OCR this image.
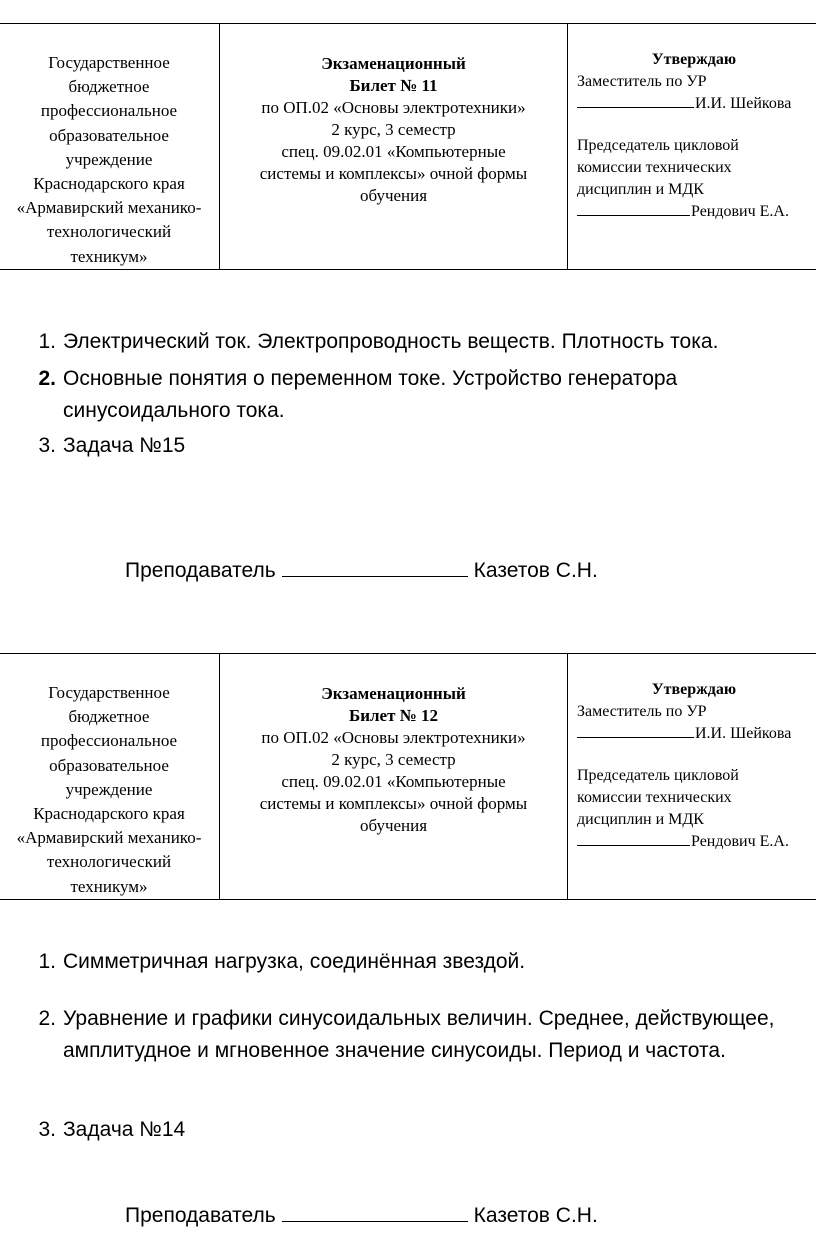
Государственное
бюджетное
профессиональное
образовательное
учреждение
Краснодарского края
«Армавирский механико-
технологический
техникум»

Экзаменационный
Билет № 11
по ОП.02 «Основы электротехники»
2 курс, 3 семестр
спец. 09.02.01 «Компьютерные системы и комплексы» очной формы
обучения

Утверждаю
Заместитель по УР
И.И. Шейкова
Председатель цикловой
комиссии технических
дисциплин и МДК
Рендович Е.А.
1. Электрический ток. Электропроводность веществ. Плотность тока.
2. Основные понятия о переменном токе. Устройство генератора синусоидального тока.
3. Задача №15
Преподаватель	Казетов С.Н.
Государственное
бюджетное
профессиональное
образовательное
учреждение
Краснодарского края
«Армавирский механико-
технологический
техникум»

Экзаменационный
Билет № 12
по ОП.02 «Основы электротехники»
2 курс, 3 семестр
спец. 09.02.01 «Компьютерные системы и комплексы» очной формы
обучения

Утверждаю
Заместитель по УР
И.И. Шейкова
Председатель цикловой
комиссии технических
дисциплин и МДК
Рендович Е.А.
1. Симметричная нагрузка, соединённая звездой.
2. Уравнение и графики синусоидальных величин. Среднее, действующее, амплитудное и мгновенное значение синусоиды. Период и частота.
3. Задача №14
Преподаватель	Казетов С.Н.
